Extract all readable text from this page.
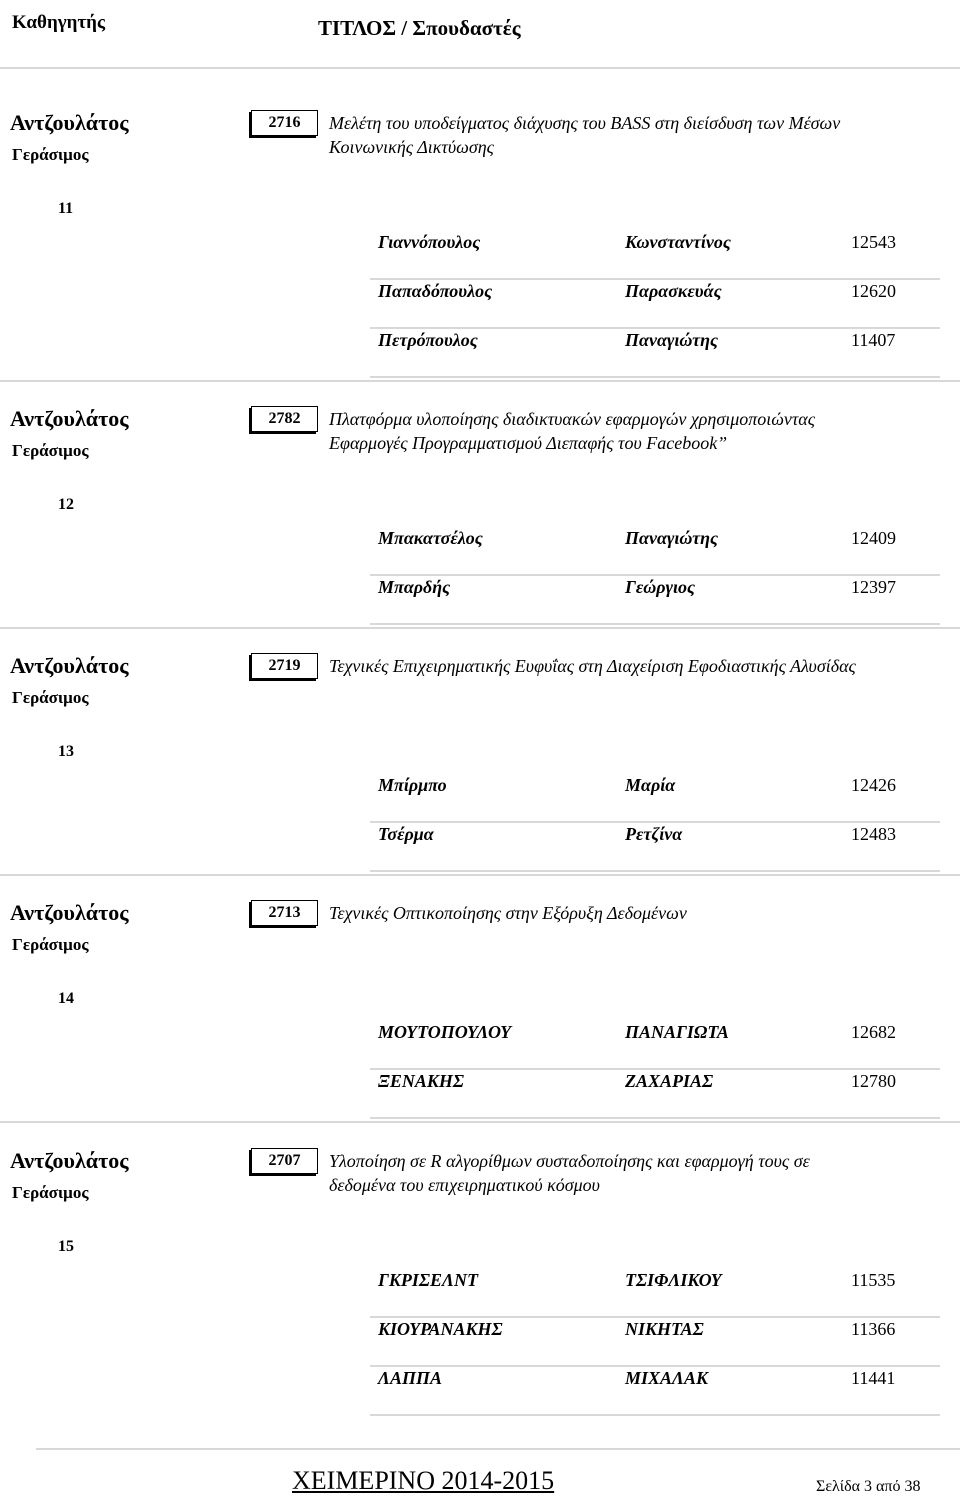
Καθηγητής	ΤΙΤΛΟΣ / Σπουδαστές
Αντζουλάτος
Γεράσιμος
2716	Μελέτη του υποδείγματος διάχυσης του BASS στη διείσδυση των Μέσων
Κοινωνικής Δικτύωσης
11
Γιαννόπουλος	Κωνσταντίνος	12543
Παπαδόπουλος	Παρασκευάς	12620
Πετρόπουλος	Παναγιώτης	11407
Αντζουλάτος
Γεράσιμος
2782	Πλατφόρμα υλοποίησης διαδικτυακών εφαρμογών χρησιμοποιώντας
Εφαρμογές Προγραμματισμού Διεπαφής του Facebook”
12
Μπακατσέλος	Παναγιώτης	12409
Μπαρδής	Γεώργιος	12397
Αντζουλάτος
Γεράσιμος
2719	Τεχνικές Επιχειρηματικής Ευφυΐας στη Διαχείριση Εφοδιαστικής Αλυσίδας
13
Μπίρμπο	Μαρία	12426
Τσέρμα	Ρετζίνα	12483
Αντζουλάτος
Γεράσιμος
2713	Τεχνικές Οπτικοποίησης στην Εξόρυξη Δεδομένων
14
ΜΟΥΤΟΠΟΥΛΟΥ	ΠΑΝΑΓΙΩΤΑ	12682
ΞΕΝΑΚΗΣ	ΖΑΧΑΡΙΑΣ	12780
Αντζουλάτος
Γεράσιμος
2707	Υλοποίηση σε R αλγορίθμων συσταδοποίησης και εφαρμογή τους σε
δεδομένα του επιχειρηματικού κόσμου
15
ΓΚΡΙΣΕΛΝΤ	ΤΣΙΦΛΙΚΟΥ	11535
ΚΙΟΥΡΑΝΑΚΗΣ	ΝΙΚΗΤΑΣ	11366
ΛΑΠΠΑ	ΜΙΧΑΛΑΚ	11441
ΧΕΙΜΕΡΙΝΟ 2014-2015	Σελίδα 3 από 38
